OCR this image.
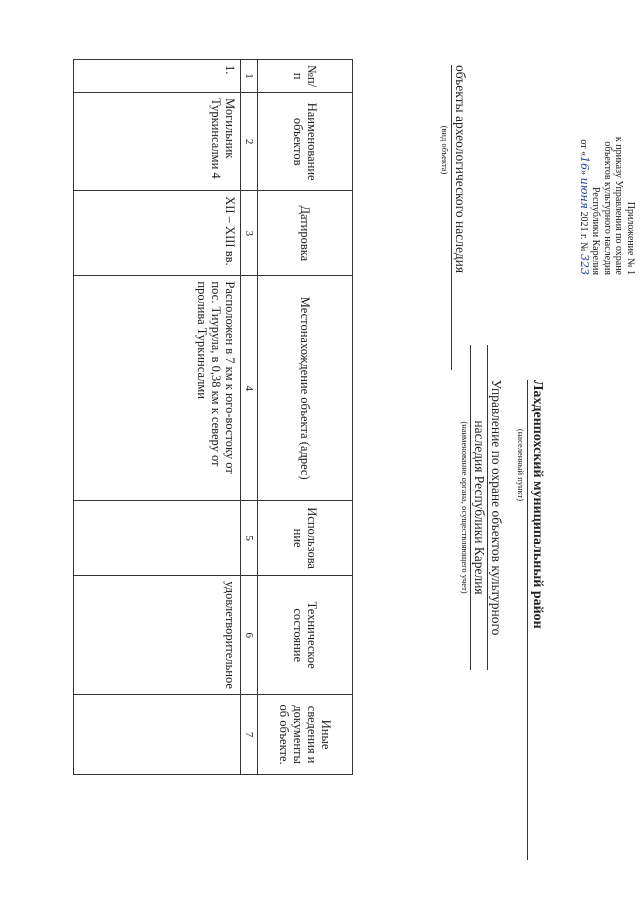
Приложение № 1
к приказу Управления по охране
объектов культурного наследия
Республики Карелия
от «16» июня 2021 г. № 323
Управление по охране объектов культурного
наследия Республики Карелия
(наименование органа, осуществляющего учет)	Лахденпохский муниципальный район
(населенный пункт)
объекты археологического наследия
(вид объекта)
№п/ п	Наименование объектов	Датировка	Местонахождение объекта (адрес)	Использова ние	Техническое состояние	Иные сведения и документы об объекте.
1	2	3	4	5	6	7
1.	Могильник Туркинсалми 4	XII – XIII вв.	Расположен в 7 км к юго-востоку от пос. Тиурула, в 0,38 км к северу от пролива Туркинсалми		удовлетворительное	
